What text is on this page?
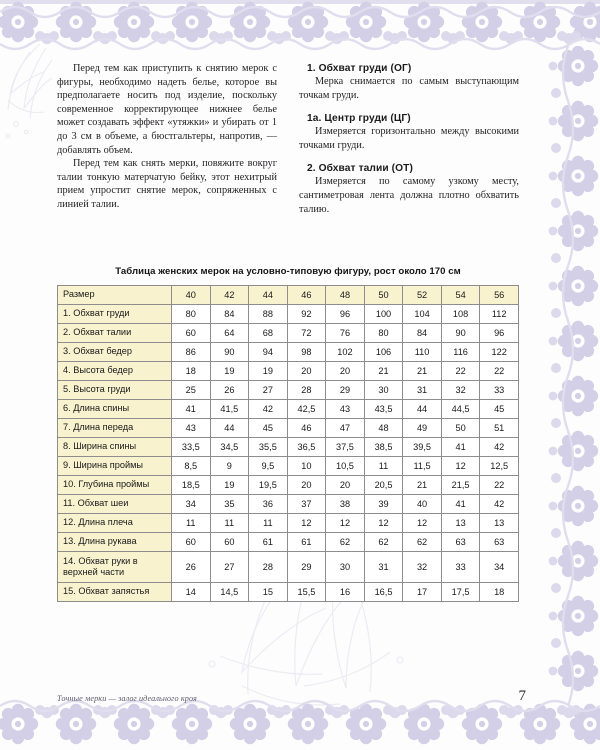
Перед тем как приступить к снятию мерок с фигуры, необходимо надеть белье, которое вы предполагаете носить под изделие, поскольку современное корректирующее нижнее белье может создавать эффект «утяжки» и убирать от 1 до 3 см в объеме, а бюстгальтеры, напротив, — добавлять объем.

Перед тем как снять мерки, повяжите вокруг талии тонкую матерчатую бейку, этот нехитрый прием упростит снятие мерок, сопряженных с линией талии.

1. Обхват груди (ОГ)

Мерка снимается по самым выступающим точкам груди.

1а. Центр груди (ЦГ)

Измеряется горизонтально между высокими точками груди.

2. Обхват талии (ОТ)

Измеряется по самому узкому месту, сантиметровая лента должна плотно обхватить талию.

Таблица женских мерок на условно-типовую фигуру, рост около 170 см
Размер	40	42	44	46	48	50	52	54	56
1. Обхват груди	80	84	88	92	96	100	104	108	112
2. Обхват талии	60	64	68	72	76	80	84	90	96
3. Обхват бедер	86	90	94	98	102	106	110	116	122
4. Высота бедер	18	19	19	20	20	21	21	22	22
5. Высота груди	25	26	27	28	29	30	31	32	33
6. Длина спины	41	41,5	42	42,5	43	43,5	44	44,5	45
7. Длина переда	43	44	45	46	47	48	49	50	51
8. Ширина спины	33,5	34,5	35,5	36,5	37,5	38,5	39,5	41	42
9. Ширина проймы	8,5	9	9,5	10	10,5	11	11,5	12	12,5
10. Глубина проймы	18,5	19	19,5	20	20	20,5	21	21,5	22
11. Обхват шеи	34	35	36	37	38	39	40	41	42
12. Длина плеча	11	11	11	12	12	12	12	13	13
13. Длина рукава	60	60	61	61	62	62	62	63	63
14. Обхват руки в верхней части	26	27	28	29	30	31	32	33	34
15. Обхват запястья	14	14,5	15	15,5	16	16,5	17	17,5	18
Точные мерки — залог идеального кроя	7
